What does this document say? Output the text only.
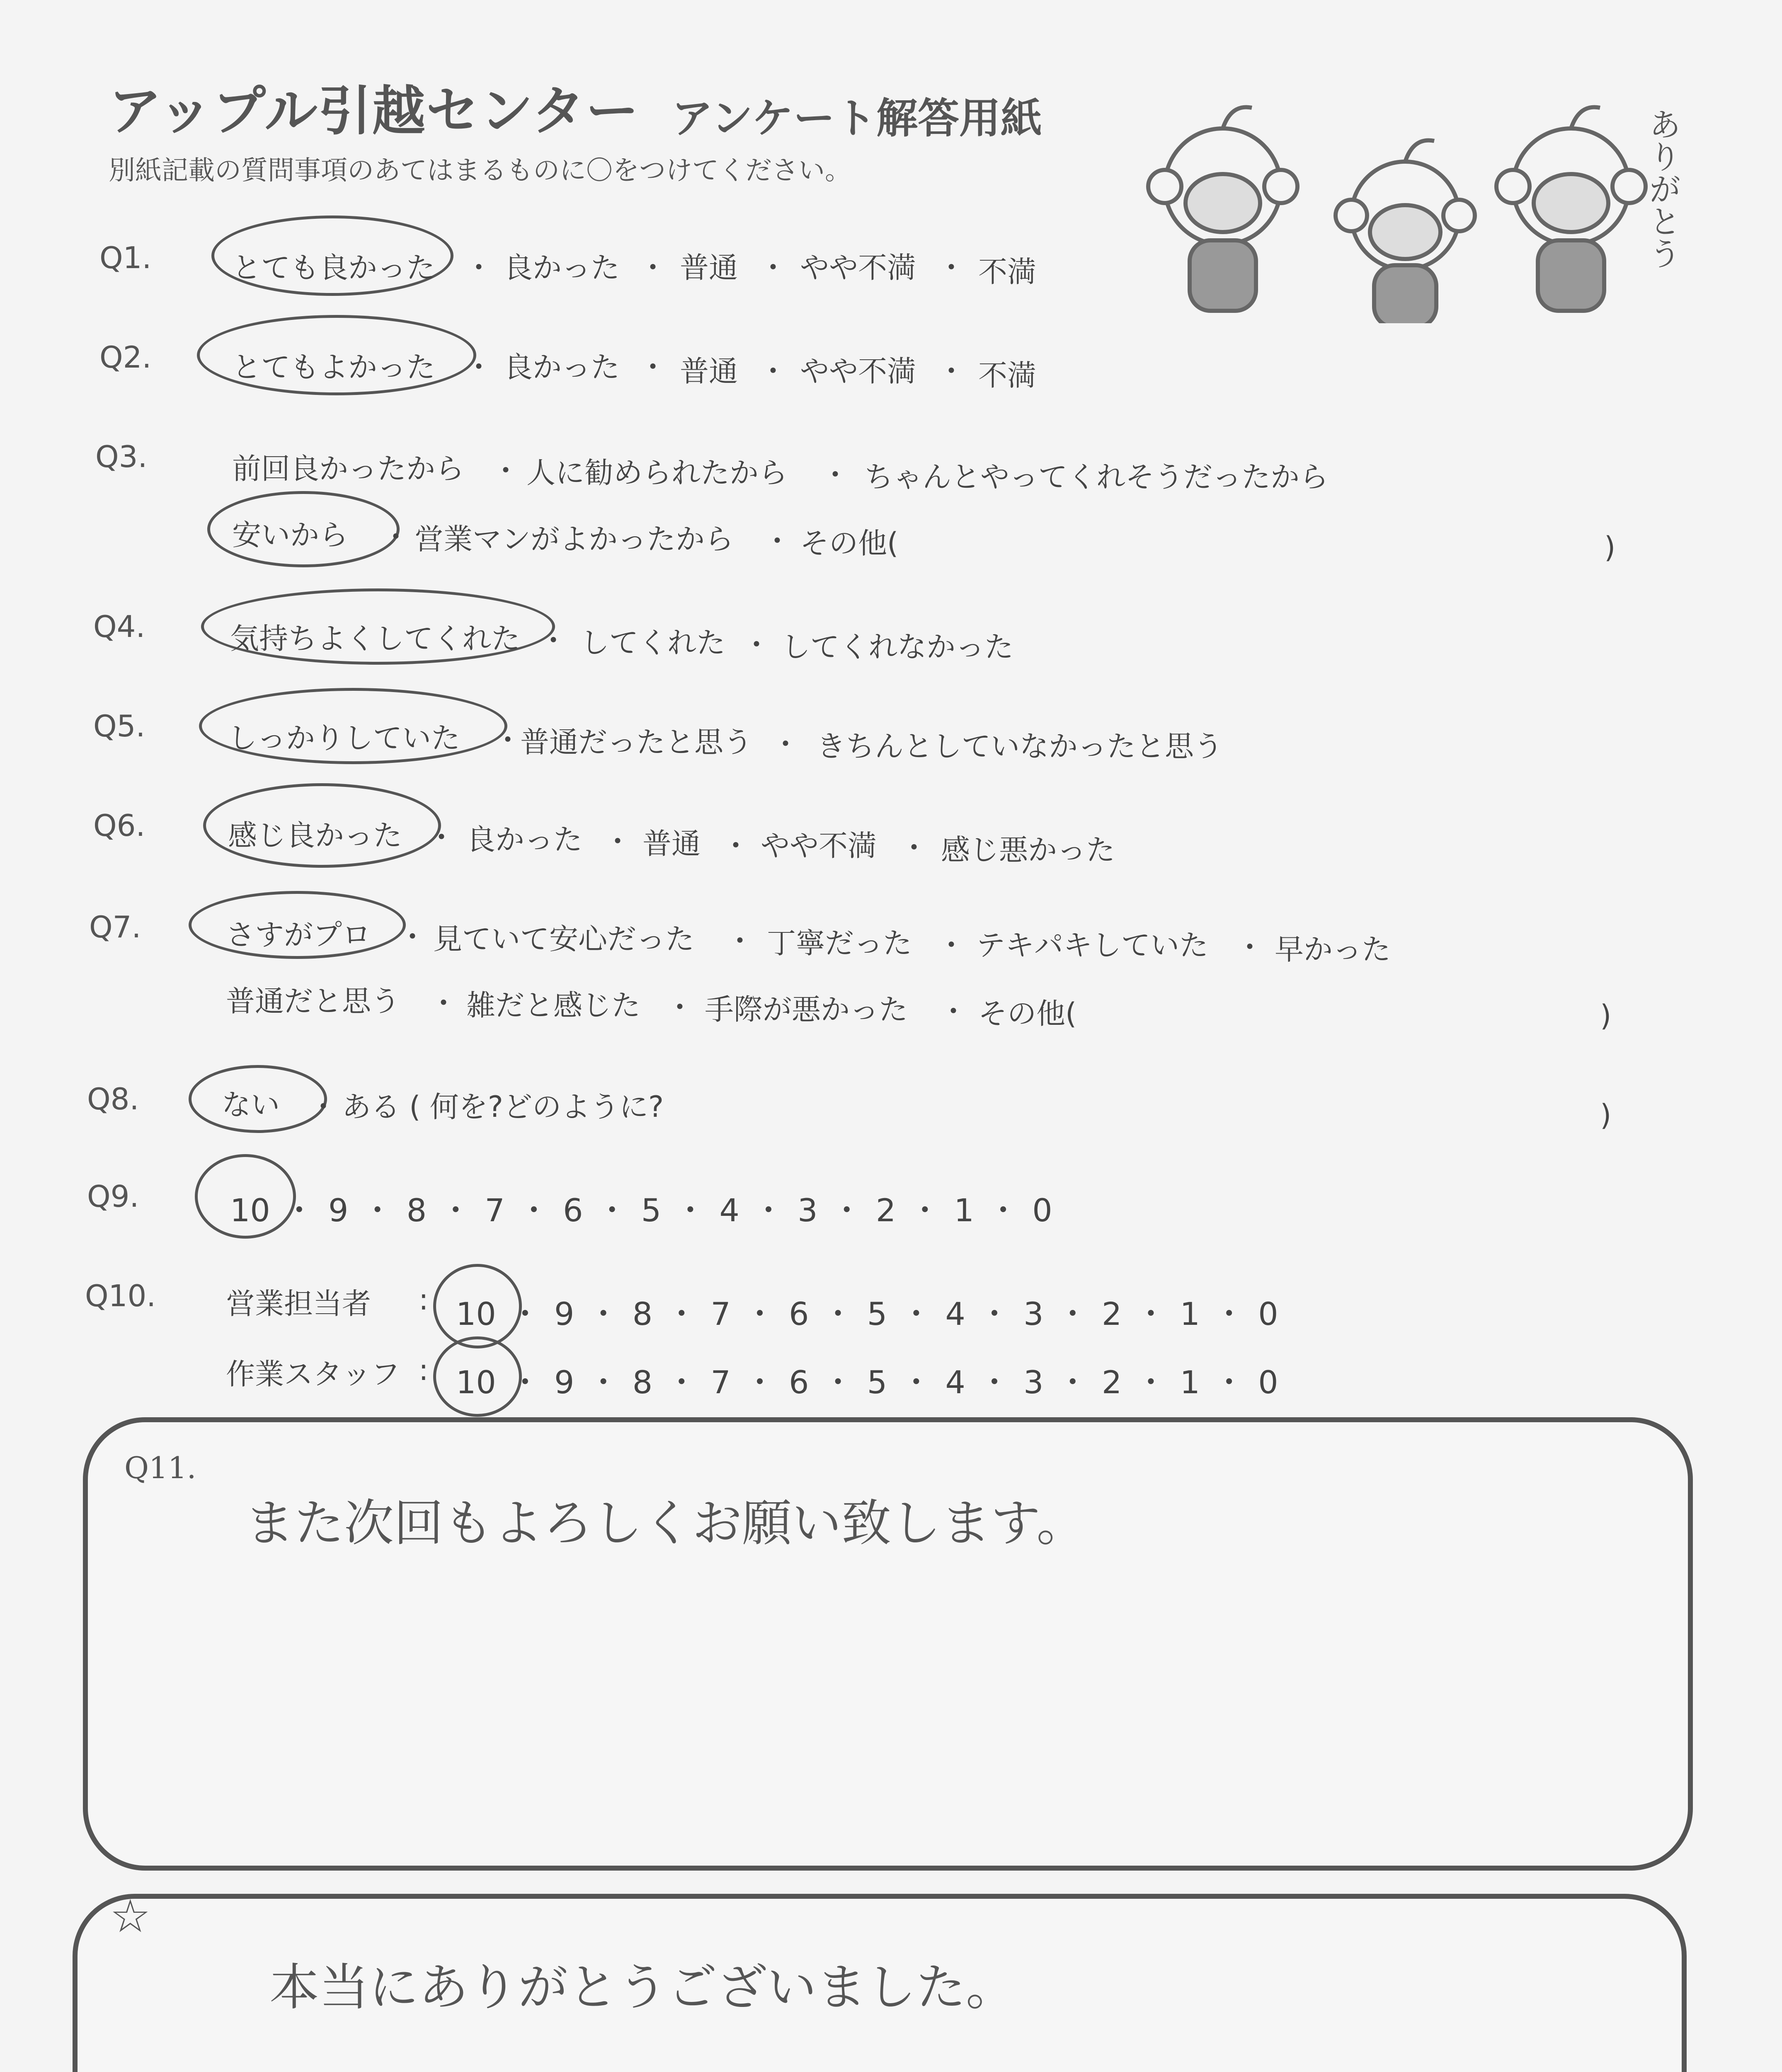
アップル引越センター アンケート解答用紙
別紙記載の質問事項のあてはまるものに〇をつけてください。	ありがとう
Q1.	とても良かった ・ 良かった ・ 普通 ・ やや不満 ・ 不満
Q2.	とてもよかった ・ 良かった ・ 普通 ・ やや不満 ・ 不満
Q3.	前回良かったから ・ 人に勧められたから ・ ちゃんとやってくれそうだったから
安いから ・ 営業マンがよかったから ・ その他(	)
Q4.	気持ちよくしてくれた ・ してくれた ・ してくれなかった
Q5.	しっかりしていた ・
普通だったと思う ・ きちんとしていなかったと思う
Q6.	感じ良かった ・ 良かった ・ 普通 ・ やや不満 ・ 感じ悪かった
Q7.	さすがプロ ・ 見ていて安心だった ・ 丁寧だった ・ テキパキしていた ・ 早かった
普通だと思う ・ 雑だと感じた ・ 手際が悪かった ・ その他(	)
Q8.	ない ・ ある ( 何を?どのように?	)
Q9.	10 ・ 9 ・ 8 ・ 7 ・ 6 ・ 5 ・ 4 ・ 3 ・ 2 ・ 1 ・ 0
Q10. 営業担当者 : 10 ・ 9 ・ 8 ・ 7 ・ 6 ・ 5 ・ 4 ・ 3 ・ 2 ・ 1 ・ 0
作業スタッフ : 10 ・ 9 ・ 8 ・ 7 ・ 6 ・ 5 ・ 4 ・ 3 ・ 2 ・ 1 ・ 0
Q11.
また次回もよろしくお願い致します。
☆
本当にありがとうございました。
